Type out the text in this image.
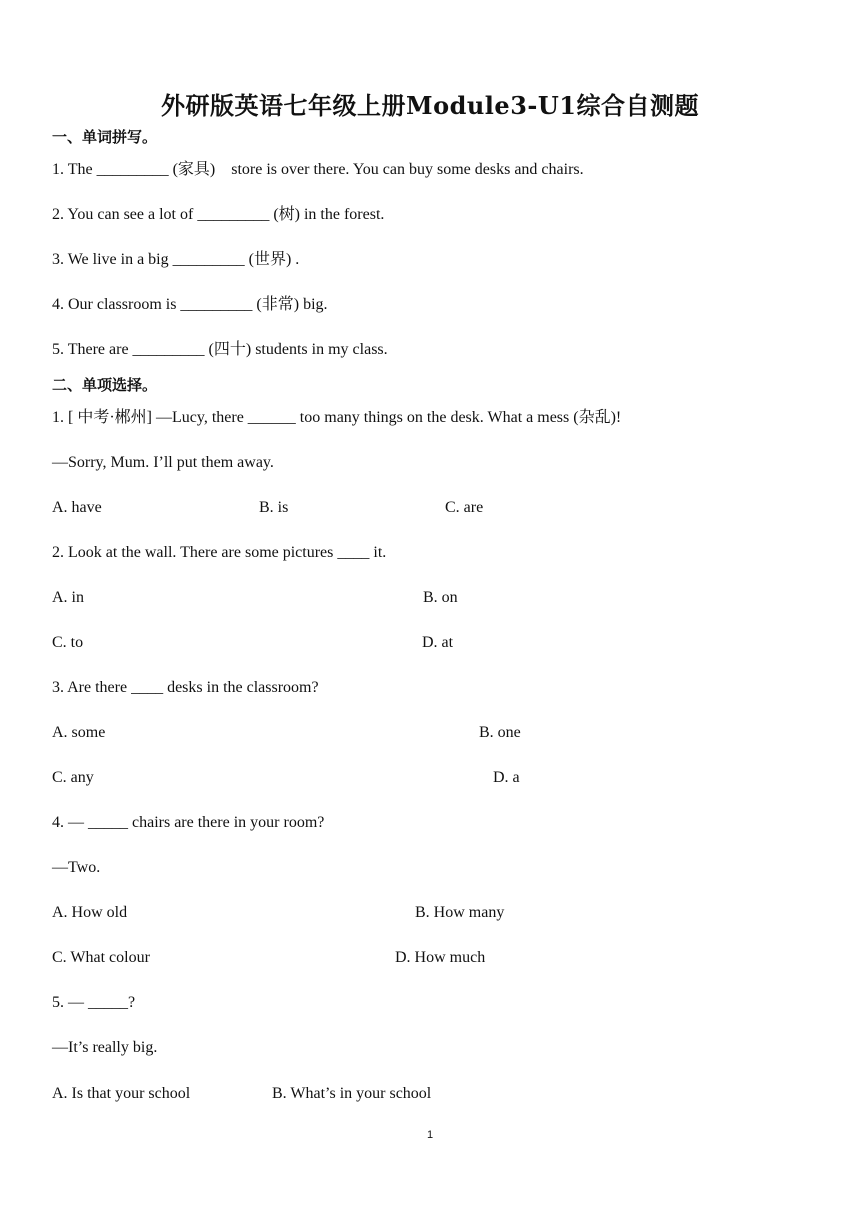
外研版英语七年级上册Module3-U1综合自测题
一、单词拼写。
1. The _________ (家具)    store is over there. You can buy some desks and chairs.
2. You can see a lot of _________ (树) in the forest.
3. We live in a big _________ (世界) .
4. Our classroom is _________ (非常) big.
5. There are _________ (四十) students in my class.
二、单项选择。
1. [ 中考·郴州] —Lucy, there ______ too many things on the desk. What a mess (杂乱)!
—Sorry, Mum. I’ll put them away.
A. have	B. is	C. are
2. Look at the wall. There are some pictures ____ it.
A. in	B. on
C. to	D. at
3. Are there ____ desks in the classroom?
A. some	B. one
C. any	D. a
4. — _____ chairs are there in your room?
—Two.
A. How old	B. How many
C. What colour	D. How much
5. — _____?
—It’s really big.
A. Is that your school	B. What’s in your school
1
